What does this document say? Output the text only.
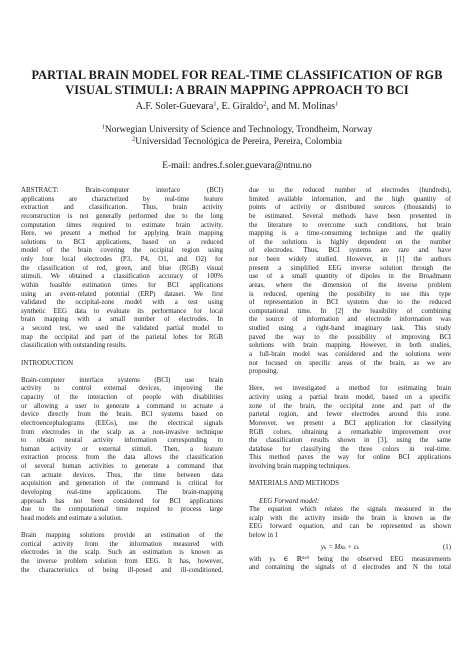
PARTIAL BRAIN MODEL FOR REAL-TIME CLASSIFICATION OF RGB
VISUAL STIMULI: A BRAIN MAPPING APPROACH TO BCI
A.F. Soler-Guevara$^1$, E. Giraldo$^2$, and M. Molinas$^1$
$^1$Norwegian University of Science and Technology, Trondheim, Norway
$^2$Universidad Tecnológica de Pereira, Pereira, Colombia
E-mail: andres.f.soler.guevara@ntnu.no
ABSTRACT: Brain-computer interface (BCI)
applications are characterized by real-time feature
extraction and classification. Thus, brain activity
reconstruction is not generally performed due to the long
computation times required to estimate brain activity.
Here, we present a method for applying brain mapping
solutions to BCI applications, based on a reduced
model of the brain covering the occipital region using
only four local electrodes (P3, P4, O1, and O2) for
the classification of red, green, and blue (RGB) visual
stimuli. We obtained a classification accuracy of 100%
within feasible estimation times for BCI applications
using an event-related potential (ERP) dataset. We first
validated the occipital-zone model with a test using
synthetic EEG data to evaluate its performance for local
brain mapping with a small number of electrodes. In
a second test, we used the validated partial model to
map the occipital and part of the parietal lobes for RGB
classification with outstanding results.
INTRODUCTION
Brain-computer interface systems (BCI) use brain
activity to control external devices, improving the
capacity of the interaction of people with disabilities
or allowing a user to generate a command to actuate a
device directly from the brain. BCI systems based on
electroencephalograms (EEGs), use the electrical signals
from electrodes in the scalp as a non-invasive technique
to obtain neural activity information corresponding to
human activity or external stimuli. Then, a feature
extraction process from the data allows the classification
of several human activities to generate a command that
can actuate devices. Thus, the time between data
acquisition and generation of the command is critical for
developing real-time applications. The brain-mapping
approach has not been considered for BCI applications
due to the computational time required to process large
head models and estimate a solution.
Brain mapping solutions provide an estimation of the
cortical activity from the information measured with
electrodes in the scalp. Such an estimation is known as
the inverse problem solution from EEG. It has, however,
the characteristics of being ill-posed and ill-conditioned,
due to the reduced number of electrodes (hundreds),
limited available information, and the high quantity of
points of activity or distributed sources (thousands) to
be estimated. Several methods have been presented in
the literature to overcome such conditions, but brain
mapping is a time-consuming technique and the quality
of the solutions is highly dependent on the number
of electrodes. Thus, BCI systems are rare and have
not been widely studied. However, in [1] the authors
present a simplified EEG inverse solution through the
use of a small quantity of dipoles in the Broadmann
areas, where the dimension of the inverse problem
is reduced, opening the possibility to use this type
of representation in BCI systems due to the reduced
computational time. In [2] the feasibility of combining
the source of information and electrode information was
studied using a right-hand imaginary task. This study
paved the way to the possibility of improving BCI
solutions with brain mapping. However, in both studies,
a full-brain model was considered and the solutions were
not focused on specific areas of the brain, as we are
proposing.
Here, we investigated a method for estimating brain
activity using a partial brain model, based on a specific
zone of the brain, the occipital zone and part of the
parietal region, and fewer electrodes around this zone.
Moreover, we present a BCI application for classifying
RGB colors, obtaining a remarkable improvement over
the classification results shown in [3], using the same
database for classifying the three colors in real-time.
This method paves the way for online BCI applications
involving brain mapping techniques.
MATERIALS AND METHODS
EEG Forward model:
The equation which relates the signals measured in the
scalp with the activity inside the brain is known as the
EEG forward equation, and can be represented as shown
below in 1
yₖ = Mxₖ + εₖ	(1)
with yₖ ∈ ℝᵈˣᴺ being the observed EEG measurements
and containing the signals of d electrodes and N the total
